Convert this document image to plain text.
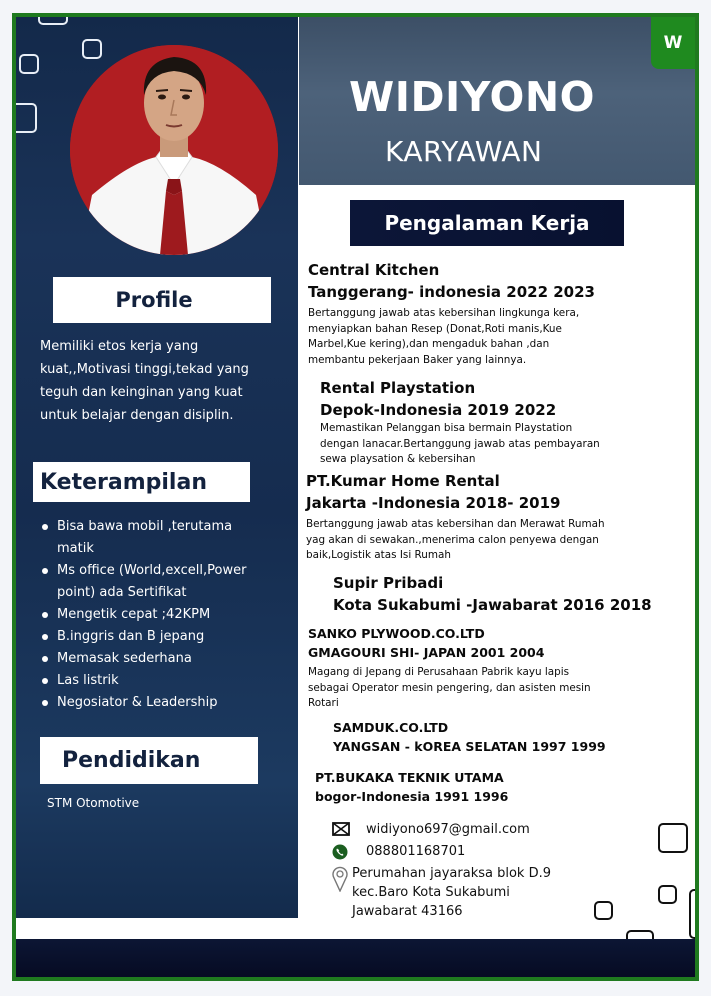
Profile

Memiliki etos kerja yang kuat,,Motivasi tinggi,tekad yang teguh dan keinginan yang kuat untuk belajar dengan disiplin.

Keterampilan
Bisa bawa mobil ,terutama matik
Ms office (World,excell,Power point) ada Sertifikat
Mengetik cepat ;42KPM
B.inggris dan B jepang
Memasak sederhana
Las listrik
Negosiator & Leadership
Pendidikan
STM Otomotive
WIDIYONO
KARYAWAN
W
Pengalaman Kerja
Central Kitchen
Tanggerang- indonesia 2022 2023
Bertanggung jawab atas kebersihan lingkunga kera, menyiapkan bahan Resep (Donat,Roti manis,Kue Marbel,Kue kering),dan mengaduk bahan ,dan membantu pekerjaan Baker yang lainnya.
Rental Playstation
Depok-Indonesia 2019 2022
Memastikan Pelanggan bisa bermain Playstation dengan lanacar.Bertanggung jawab atas pembayaran sewa playsation & kebersihan
PT.Kumar Home Rental
Jakarta -Indonesia 2018- 2019
Bertanggung jawab atas kebersihan dan Merawat Rumah yag akan di sewakan.,menerima calon penyewa dengan baik,Logistik atas Isi Rumah
Supir Pribadi
Kota Sukabumi -Jawabarat 2016 2018
SANKO PLYWOOD.CO.LTD
GMAGOURI SHI- JAPAN 2001 2004
Magang di Jepang di Perusahaan Pabrik kayu lapis sebagai Operator mesin pengering, dan asisten mesin Rotari
SAMDUK.CO.LTD
YANGSAN - kOREA SELATAN 1997 1999
PT.BUKAKA TEKNIK UTAMA
bogor-Indonesia 1991 1996
widiyono697@gmail.com
088801168701
Perumahan jayaraksa blok D.9
kec.Baro Kota Sukabumi
Jawabarat 43166
